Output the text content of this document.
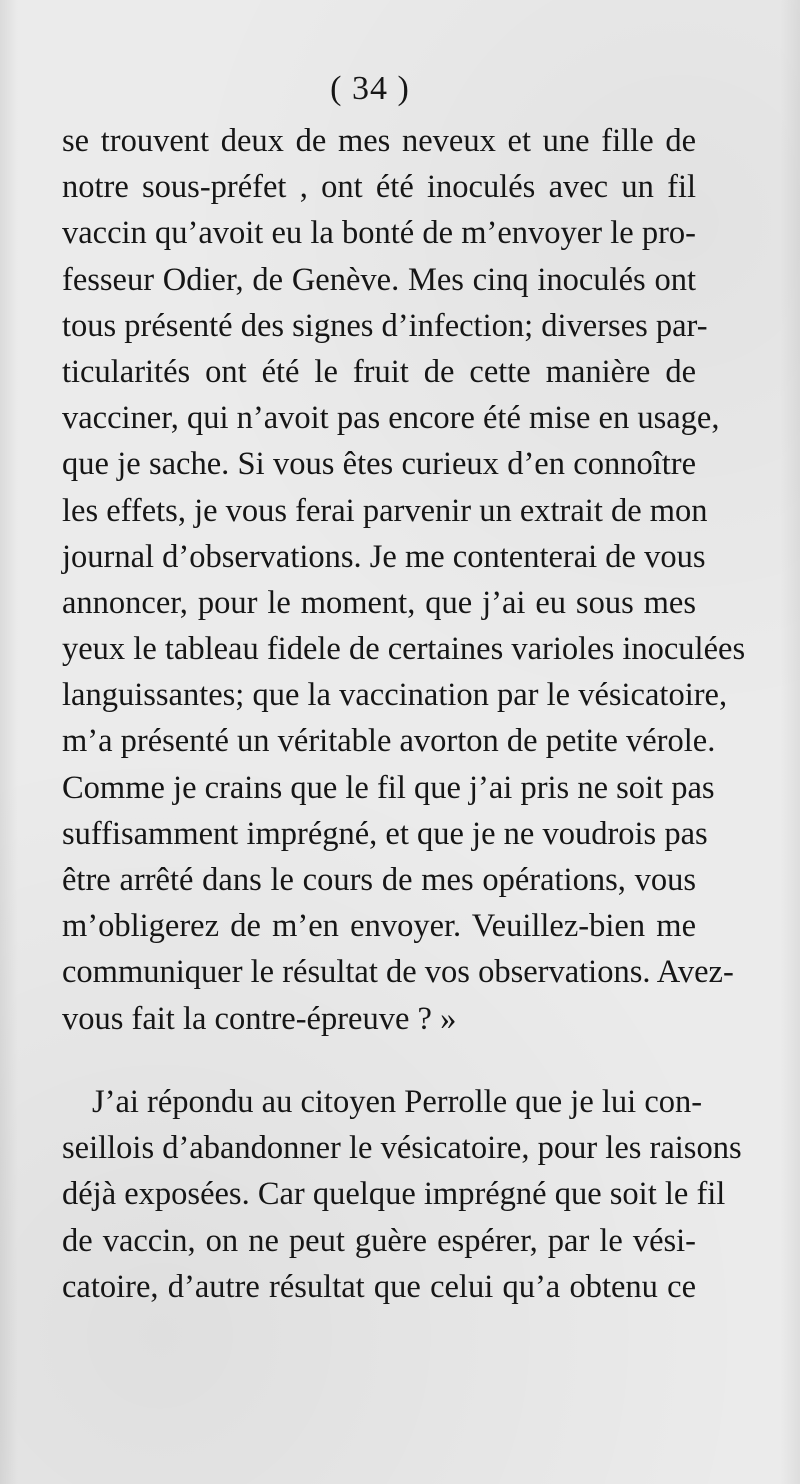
( 34 )
se trouvent deux de mes neveux et une fille de
notre sous-préfet , ont été inoculés avec un fil
vaccin qu’avoit eu la bonté de m’envoyer le pro-
fesseur Odier, de Genève. Mes cinq inoculés ont
tous présenté des signes d’infection; diverses par-
ticularités ont été le fruit de cette manière de
vacciner, qui n’avoit pas encore été mise en usage,
que je sache. Si vous êtes curieux d’en connoître
les effets, je vous ferai parvenir un extrait de mon
journal d’observations. Je me contenterai de vous
annoncer, pour le moment, que j’ai eu sous mes
yeux le tableau fidele de certaines varioles inoculées
languissantes; que la vaccination par le vésicatoire,
m’a présenté un véritable avorton de petite vérole.
Comme je crains que le fil que j’ai pris ne soit pas
suffisamment imprégné, et que je ne voudrois pas
être arrêté dans le cours de mes opérations, vous
m’obligerez de m’en envoyer. Veuillez-bien me
communiquer le résultat de vos observations. Avez-
vous fait la contre-épreuve ? »
J’ai répondu au citoyen Perrolle que je lui con-
seillois d’abandonner le vésicatoire, pour les raisons
déjà exposées. Car quelque imprégné que soit le fil
de vaccin, on ne peut guère espérer, par le vési-
catoire, d’autre résultat que celui qu’a obtenu ce
